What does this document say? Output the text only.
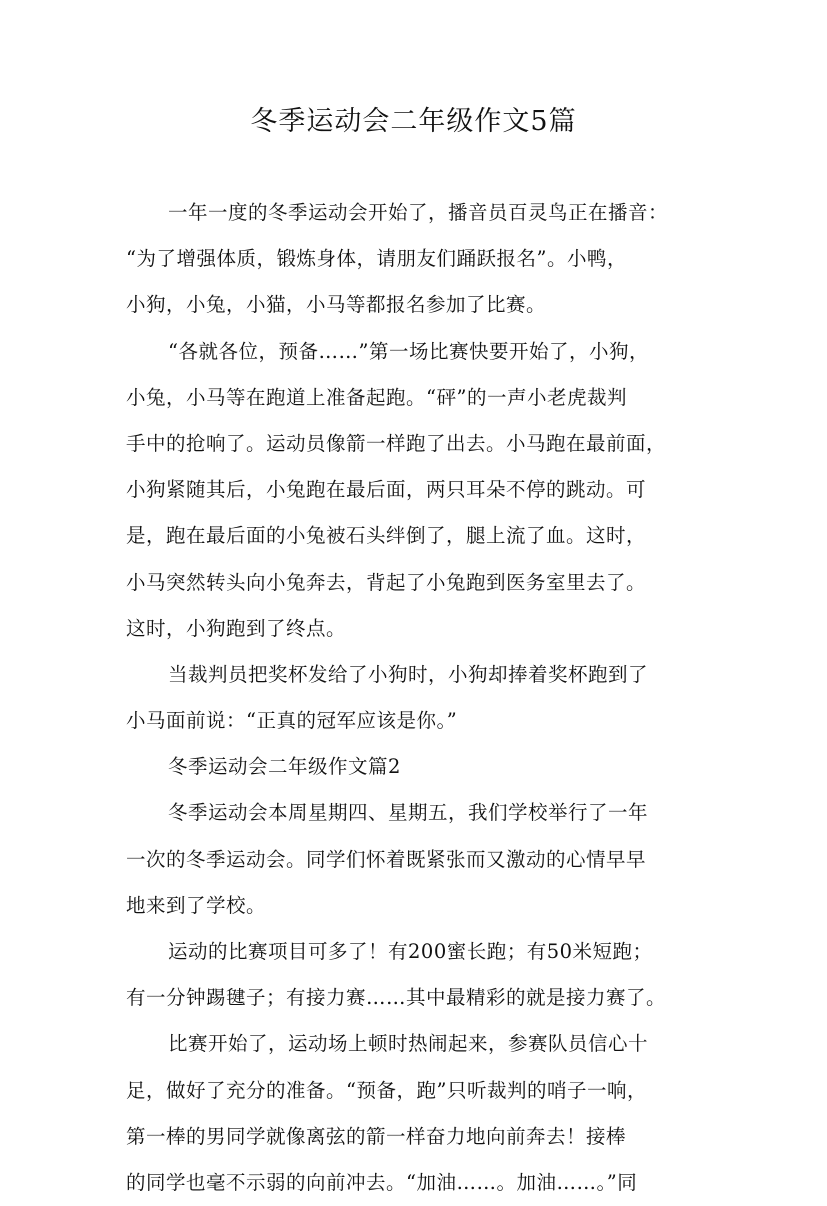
冬季运动会二年级作文5篇
一年一度的冬季运动会开始了，播音员百灵鸟正在播音：
“为了增强体质，锻炼身体，请朋友们踊跃报名”。小鸭，
小狗，小兔，小猫，小马等都报名参加了比赛。
“各就各位，预备……”第一场比赛快要开始了，小狗，
小兔，小马等在跑道上准备起跑。“砰”的一声小老虎裁判
手中的抢响了。运动员像箭一样跑了出去。小马跑在最前面，
小狗紧随其后，小兔跑在最后面，两只耳朵不停的跳动。可
是，跑在最后面的小兔被石头绊倒了，腿上流了血。这时，
小马突然转头向小兔奔去，背起了小兔跑到医务室里去了。
这时，小狗跑到了终点。
当裁判员把奖杯发给了小狗时，小狗却捧着奖杯跑到了
小马面前说：“正真的冠军应该是你。”
冬季运动会二年级作文篇2
冬季运动会本周星期四、星期五，我们学校举行了一年
一次的冬季运动会。同学们怀着既紧张而又激动的心情早早
地来到了学校。
运动的比赛项目可多了！有200蜜长跑；有50米短跑；
有一分钟踢毽子；有接力赛……其中最精彩的就是接力赛了。
比赛开始了，运动场上顿时热闹起来，参赛队员信心十
足，做好了充分的准备。“预备，跑”只听裁判的哨子一响，
第一棒的男同学就像离弦的箭一样奋力地向前奔去！接棒
的同学也毫不示弱的向前冲去。“加油……。加油……。”同
